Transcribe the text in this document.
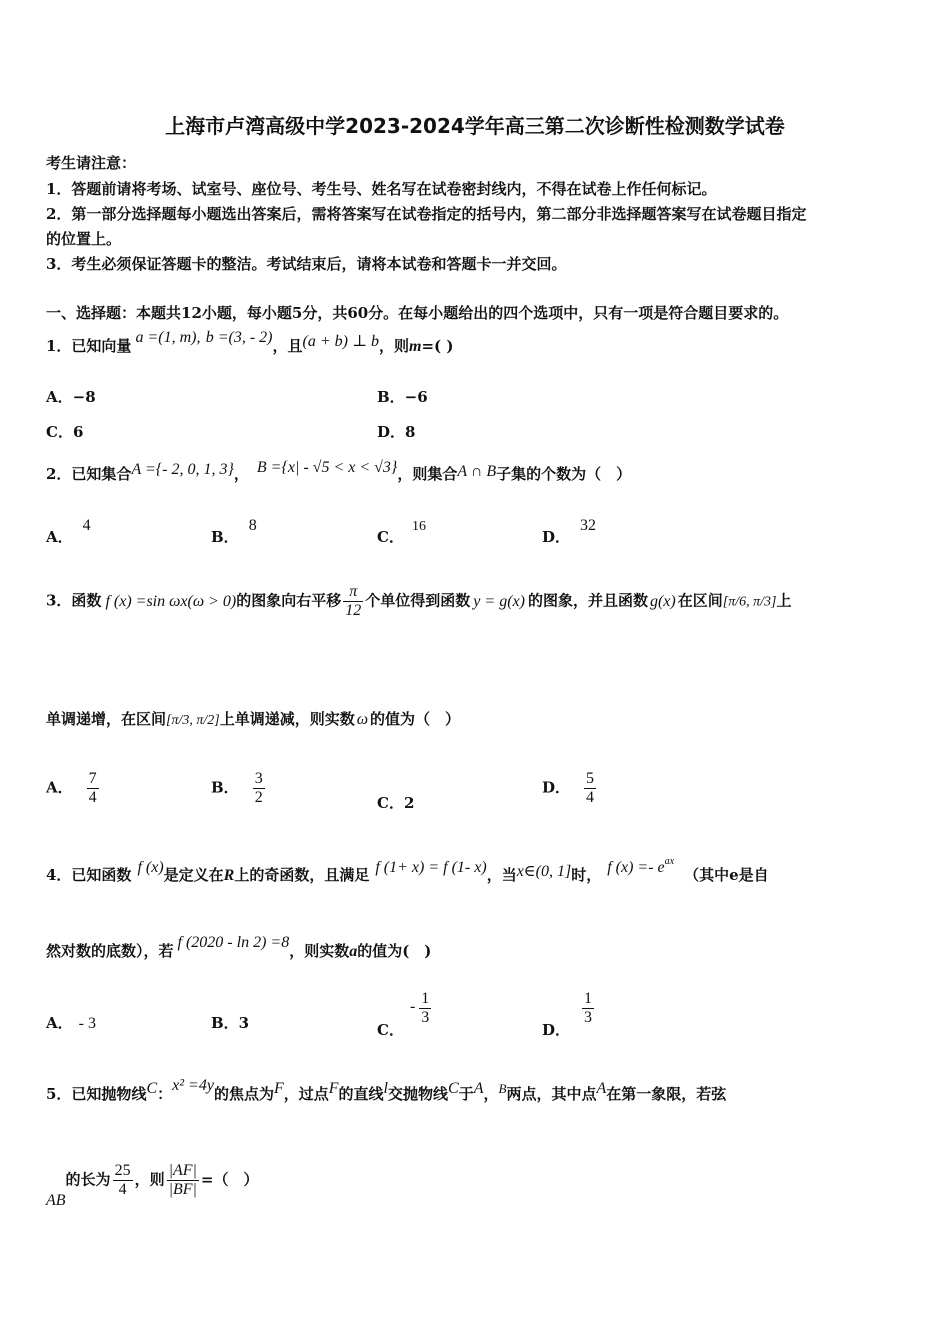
上海市卢湾高级中学2023-2024学年高三第二次诊断性检测数学试卷
考生请注意：
1．答题前请将考场、试室号、座位号、考生号、姓名写在试卷密封线内，不得在试卷上作任何标记。
2．第一部分选择题每小题选出答案后，需将答案写在试卷指定的括号内，第二部分非选择题答案写在试卷题目指定
的位置上。
3．考生必须保证答题卡的整洁。考试结束后，请将本试卷和答题卡一并交回。
一、选择题：本题共12小题，每小题5分，共60分。在每小题给出的四个选项中，只有一项是符合题目要求的。
1．已知向量 a =(1, m), b =(3, - 2)，且(a + b) ⊥ b，则m=( )
A．−8	B．−6
C．6	D．8
2．已知集合A ={- 2, 0, 1, 3}， B ={x| - √5 < x < √3}，则集合A ∩ B子集的个数为（　）
A．4
B．8
C．16
D．32
3．函数 f (x) =sin ωx(ω > 0)的图象向右平移 $\frac{\pi}{12}$ 个单位得到函数 y = g(x) 的图象，并且函数 g(x) 在区间[π/6, π/3]上
单调递增，在区间[π/3, π/2]上单调递减，则实数 ω 的值为（　）
A． $\frac{7}{4}$	B． $\frac{3}{2}$	C．2
D． $\frac{5}{4}$
4．已知函数 f (x)是定义在R上的奇函数，且满足 f (1+ x) = f (1- x)，当x∈(0, 1]时， f $(x) =- e^{ax}$（其中e是自
然对数的底数），若 f (2020 - ln 2) =8，则实数a的值为(　)
A． - 3	B．3	C．- $\frac{1}{3}$
D．
$\frac{1}{3}$
5．已知抛物线C：x² =4y的焦点为F，过点F的直线l交抛物线C于A，B两点，其中点A在第一象限，若弦
AB的长为 $\frac{25}{4}$ ，则 $\frac{|AF|}{|BF|}$ =（　）
